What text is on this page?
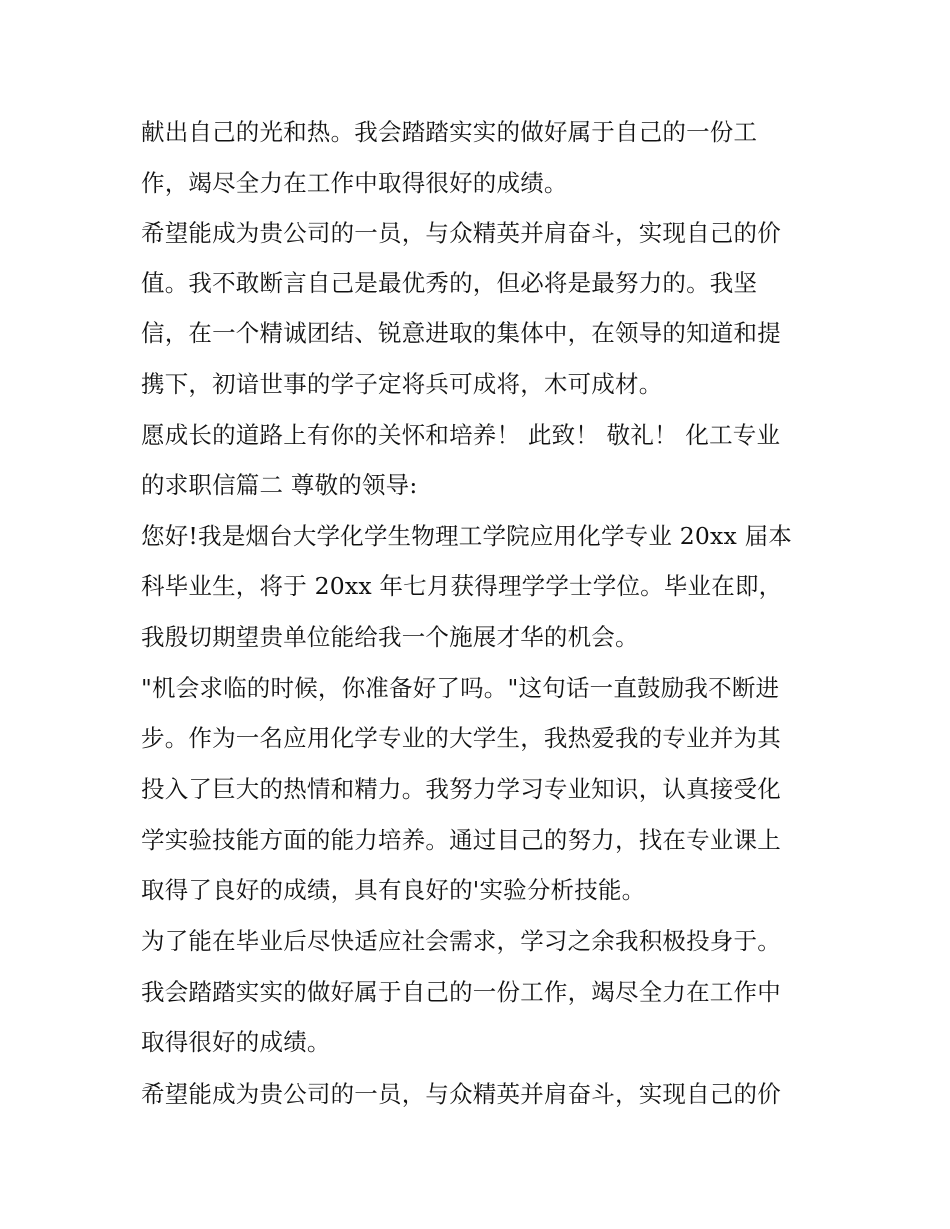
献出自己的光和热。我会踏踏实实的做好属于自己的一份工
作，竭尽全力在工作中取得很好的成绩。
希望能成为贵公司的一员，与众精英并肩奋斗，实现自己的价
值。我不敢断言自己是最优秀的，但必将是最努力的。我坚
信，在一个精诚团结、锐意进取的集体中，在领导的知道和提
携下，初谙世事的学子定将兵可成将，木可成材。
愿成长的道路上有你的关怀和培养！ 此致！ 敬礼！ 化工专业
的求职信篇二 尊敬的领导:
您好!我是烟台大学化学生物理工学院应用化学专业 20xx 届本
科毕业生，将于 20xx 年七月获得理学学士学位。毕业在即，
我殷切期望贵单位能给我一个施展才华的机会。
"机会求临的时候，你准备好了吗。"这句话一直鼓励我不断进
步。作为一名应用化学专业的大学生，我热爱我的专业并为其
投入了巨大的热情和精力。我努力学习专业知识，认真接受化
学实验技能方面的能力培养。通过目己的努力，找在专业课上
取得了良好的成绩，具有良好的'实验分析技能。
为了能在毕业后尽快适应社会需求，学习之余我积极投身于。
我会踏踏实实的做好属于自己的一份工作，竭尽全力在工作中
取得很好的成绩。
希望能成为贵公司的一员，与众精英并肩奋斗，实现自己的价
